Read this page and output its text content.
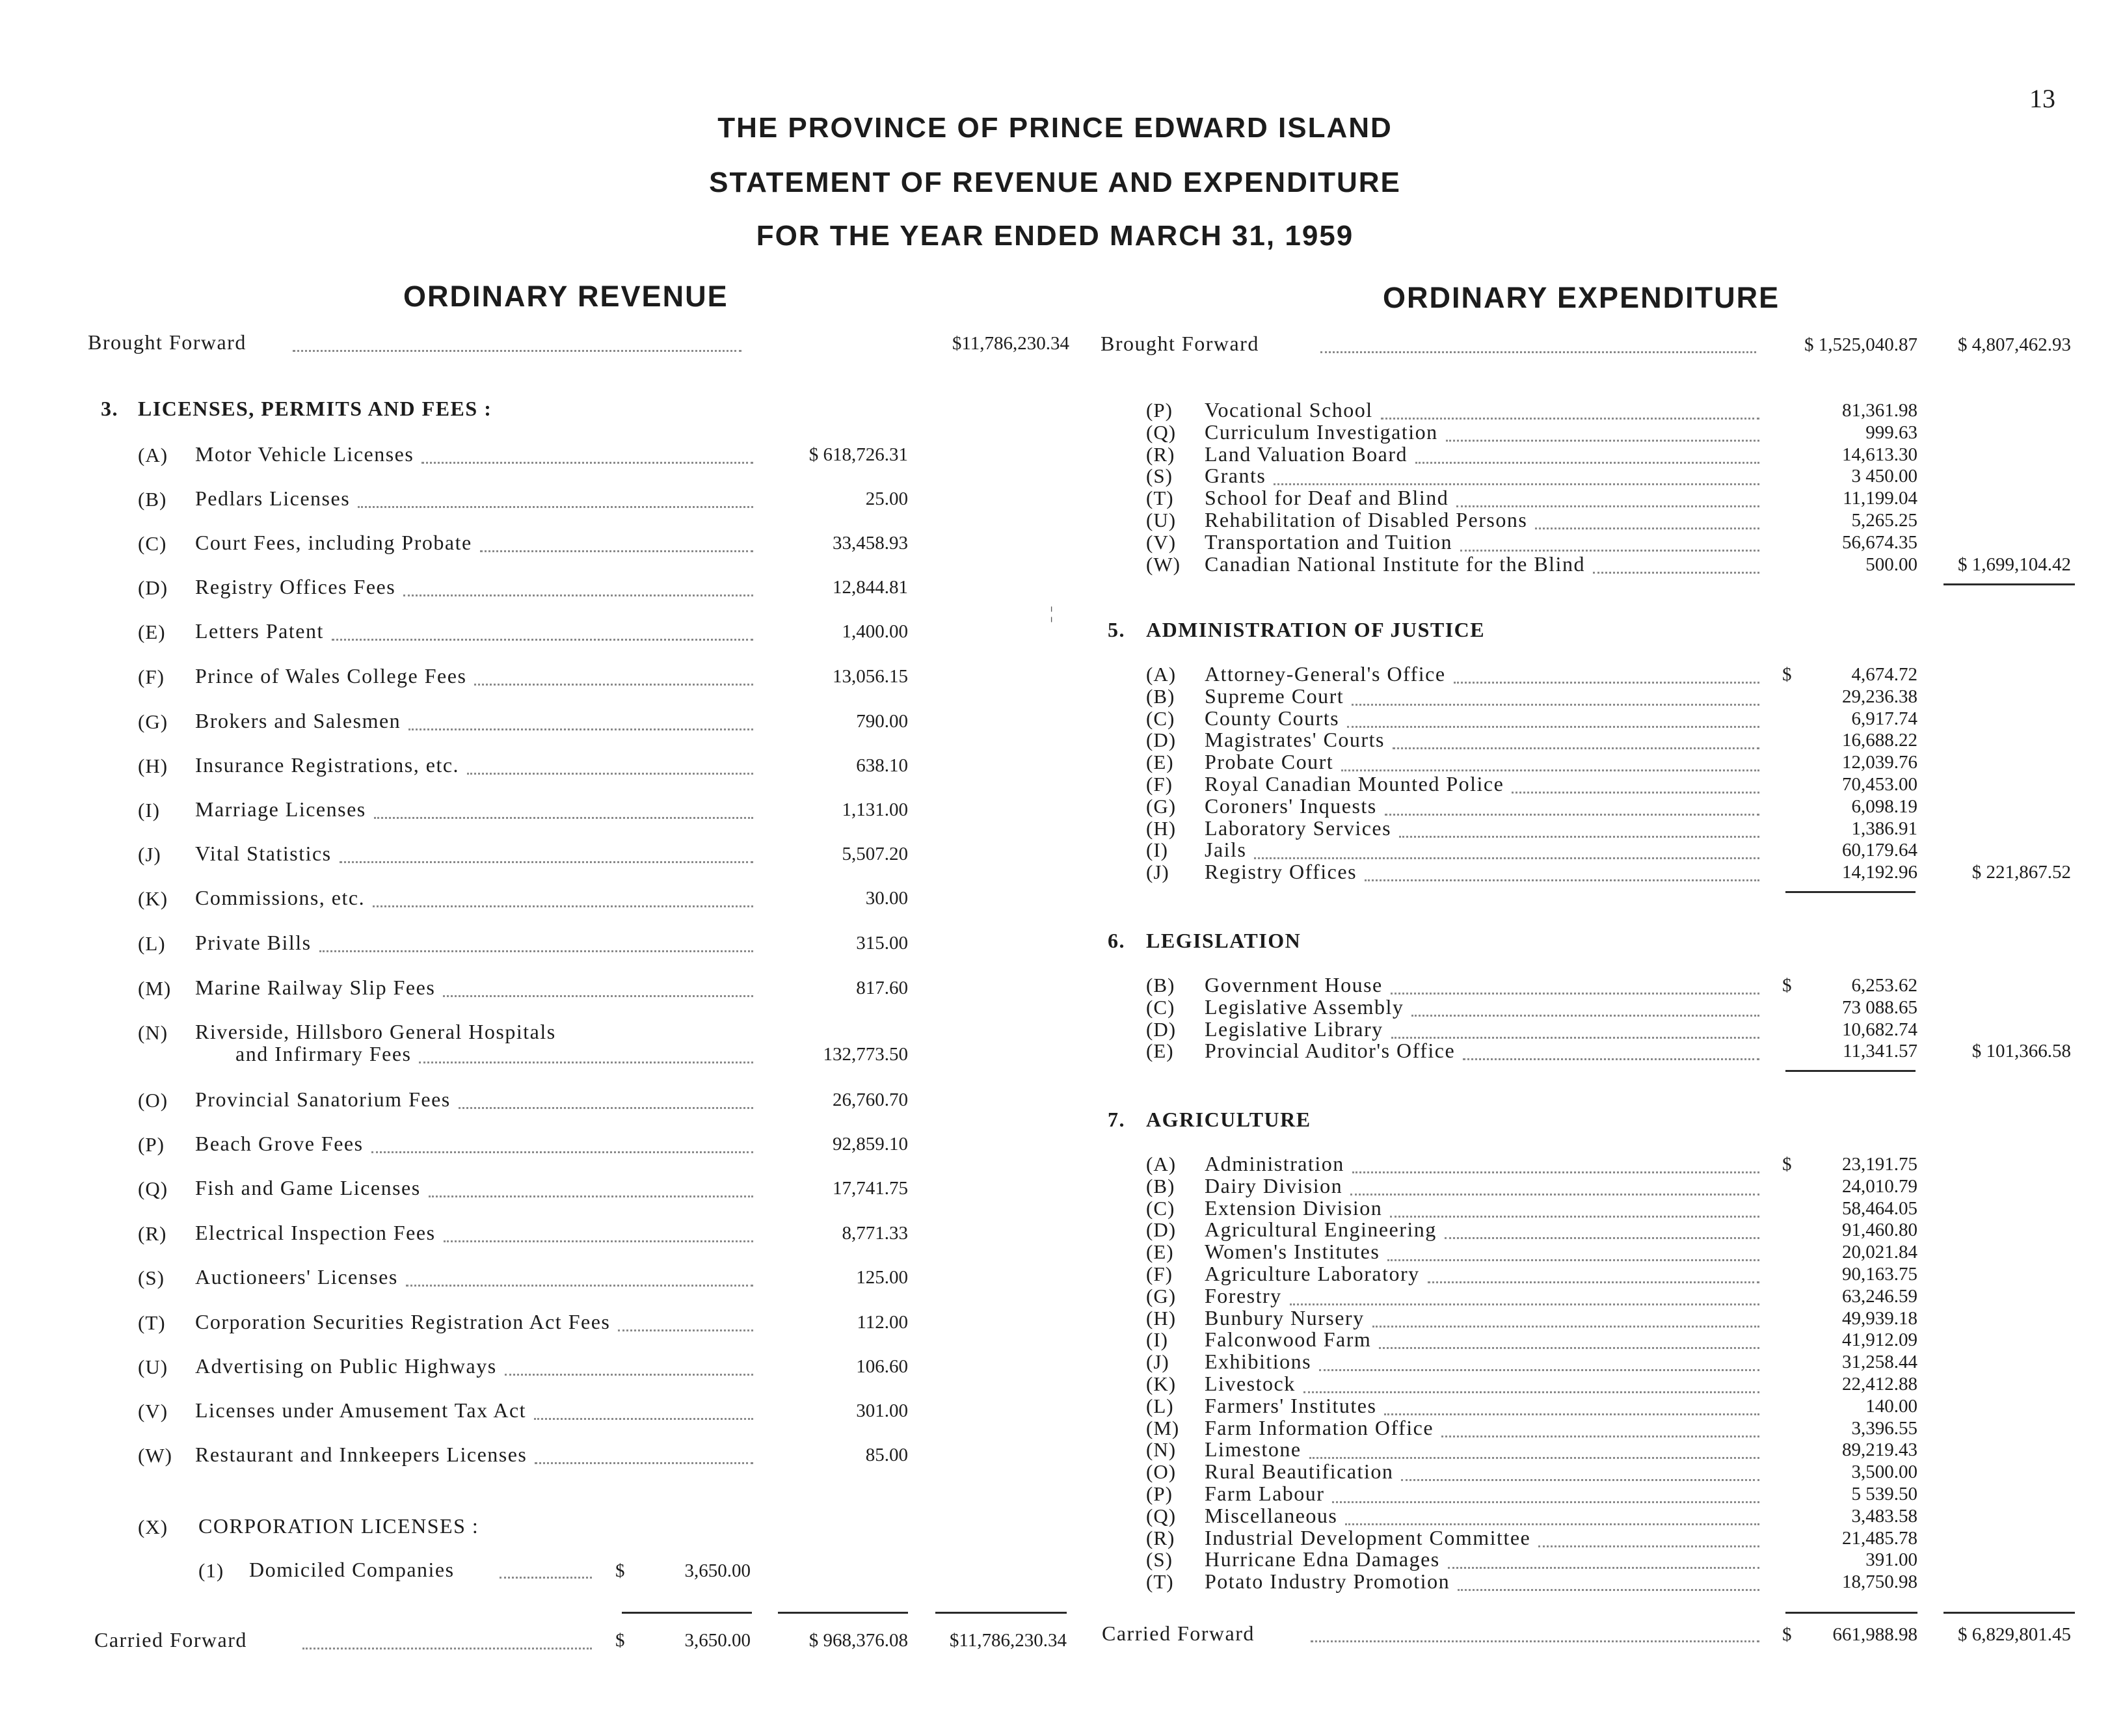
13
THE PROVINCE OF PRINCE EDWARD ISLAND
STATEMENT OF REVENUE AND EXPENDITURE
FOR THE YEAR ENDED MARCH 31, 1959
ORDINARY REVENUE	ORDINARY EXPENDITURE
Brought Forward	$11,786,230.34
3. LICENSES, PERMITS AND FEES :
(A) Motor Vehicle Licenses	$ 618,726.31
(B) Pedlars Licenses	25.00
(C) Court Fees, including Probate	33,458.93
(D) Registry Offices Fees	12,844.81
(E) Letters Patent	1,400.00
(F) Prince of Wales College Fees	13,056.15
(G) Brokers and Salesmen	790.00
(H) Insurance Registrations, etc.	638.10
(I) Marriage Licenses	1,131.00
(J) Vital Statistics	5,507.20
(K) Commissions, etc.	30.00
(L) Private Bills	315.00
(M) Marine Railway Slip Fees	817.60
(N) Riverside, Hillsboro General Hospitals
and Infirmary Fees	132,773.50
(O) Provincial Sanatorium Fees	26,760.70
(P) Beach Grove Fees	92,859.10
(Q) Fish and Game Licenses	17,741.75
(R) Electrical Inspection Fees	8,771.33
(S) Auctioneers' Licenses	125.00
(T) Corporation Securities Registration Act Fees	112.00
(U) Advertising on Public Highways	106.60
(V) Licenses under Amusement Tax Act	301.00
(W) Restaurant and Innkeepers Licenses	85.00
(X) CORPORATION LICENSES :
(1) Domiciled Companies	$	3,650.00
Carried Forward	$	3,650.00	$ 968,376.08 $11,786,230.34
¦
Brought Forward	$ 1,525,040.87 $ 4,807,462.93
(P) Vocational School	81,361.98
(Q) Curriculum Investigation	999.63
(R) Land Valuation Board	14,613.30
(S) Grants	3 450.00
(T) School for Deaf and Blind	11,199.04
(U) Rehabilitation of Disabled Persons	5,265.25
(V) Transportation and Tuition	56,674.35
(W) Canadian National Institute for the Blind	500.00 $ 1,699,104.42
5. ADMINISTRATION OF JUSTICE
$
(A) Attorney-General's Office	4,674.72
(B) Supreme Court	29,236.38
(C) County Courts	6,917.74
(D) Magistrates' Courts	16,688.22
(E) Probate Court	12,039.76
(F) Royal Canadian Mounted Police	70,453.00
(G) Coroners' Inquests	6,098.19
(H) Laboratory Services	1,386.91
(I) Jails	60,179.64
(J) Registry Offices	14,192.96	$ 221,867.52
6. LEGISLATION
$
(B) Government House	6,253.62
(C) Legislative Assembly	73 088.65
(D) Legislative Library	10,682.74
(E) Provincial Auditor's Office	11,341.57	$ 101,366.58
7. AGRICULTURE
$
(A) Administration	23,191.75
(B) Dairy Division	24,010.79
(C) Extension Division	58,464.05
(D) Agricultural Engineering	91,460.80
(E) Women's Institutes	20,021.84
(F) Agriculture Laboratory	90,163.75
(G) Forestry	63,246.59
(H) Bunbury Nursery	49,939.18
(I) Falconwood Farm	41,912.09
(J) Exhibitions	31,258.44
(K) Livestock	22,412.88
(L) Farmers' Institutes	140.00
(M) Farm Information Office	3,396.55
(N) Limestone	89,219.43
(O) Rural Beautification	3,500.00
(P) Farm Labour	5 539.50
(Q) Miscellaneous	3,483.58
(R) Industrial Development Committee	21,485.78
(S) Hurricane Edna Damages	391.00
(T) Potato Industry Promotion	18,750.98
Carried Forward	$ 661,988.98 $ 6,829,801.45
